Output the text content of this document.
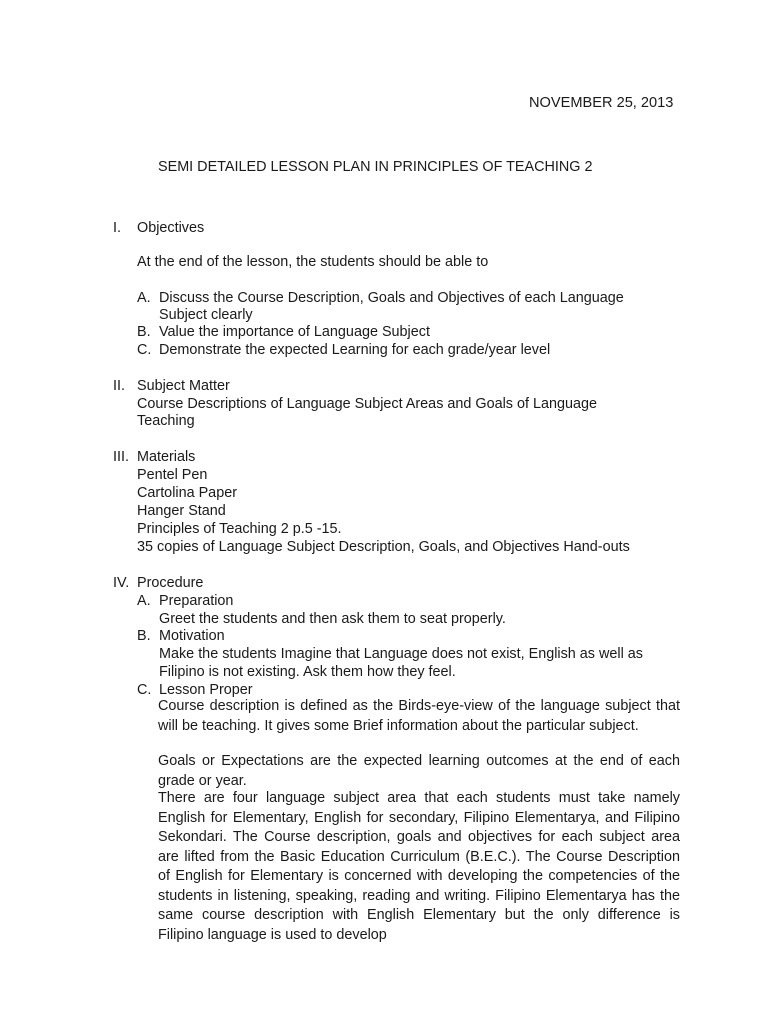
NOVEMBER 25, 2013
SEMI DETAILED LESSON PLAN IN PRINCIPLES OF TEACHING 2
I.	Objectives
At the end of the lesson, the students should be able to
A. Discuss the Course Description, Goals and Objectives of each Language
Subject clearly
B. Value the importance of Language Subject
C. Demonstrate the expected Learning for each grade/year level
II. Subject Matter
Course Descriptions of Language Subject Areas and Goals of Language
Teaching
III. Materials
Pentel Pen
Cartolina Paper
Hanger Stand
Principles of Teaching 2 p.5 -15.
35 copies of Language Subject Description, Goals, and Objectives Hand-outs
IV. Procedure
A. Preparation
Greet the students and then ask them to seat properly.
B. Motivation
Make the students Imagine that Language does not exist, English as well as
Filipino is not existing. Ask them how they feel.
C. Lesson Proper
Course description is defined as the Birds-eye-view of the language subject that will be teaching. It gives some Brief information about the particular subject.
Goals or Expectations are the expected learning outcomes at the end of each grade or year.
There are four language subject area that each students must take namely English for Elementary, English for secondary, Filipino Elementarya, and Filipino Sekondari. The Course description, goals and objectives for each subject area are lifted from the Basic Education Curriculum (B.E.C.). The Course Description of English for Elementary is concerned with developing the competencies of the students in listening, speaking, reading and writing. Filipino Elementarya has the same course description with English Elementary but the only difference is Filipino language is used to develop
